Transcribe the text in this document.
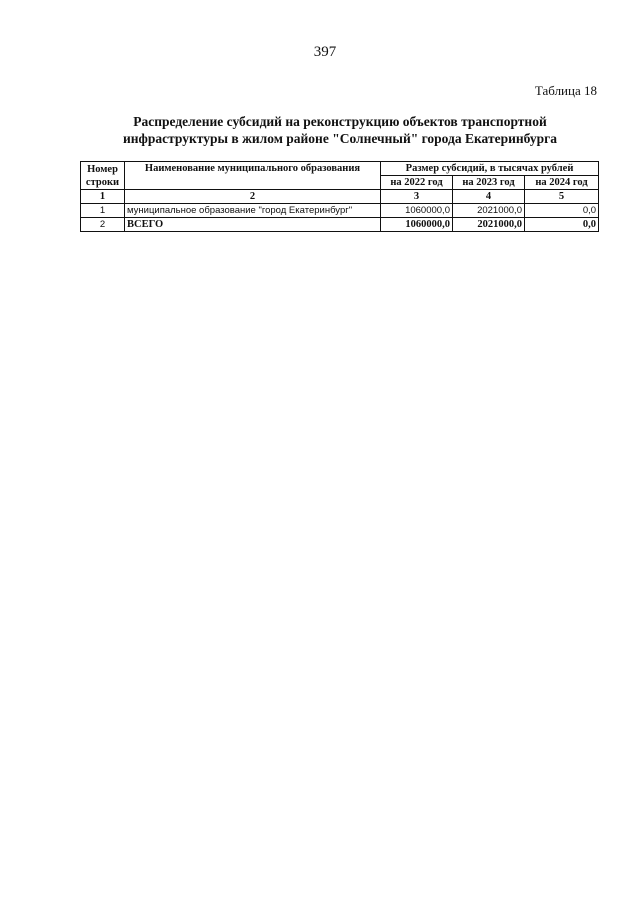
397
Таблица 18
Распределение субсидий на реконструкцию объектов транспортной
инфраструктуры в жилом районе "Солнечный" города Екатеринбурга
Номер
строки	Наименование муниципального образования	Размер субсидий, в тысячах рублей		
		на 2022 год	на 2023 год	на 2024 год
1	2	3	4	5
1	муниципальное образование "город Екатеринбург"	1060000,0	2021000,0	0,0
2	ВСЕГО	1060000,0	2021000,0	0,0
